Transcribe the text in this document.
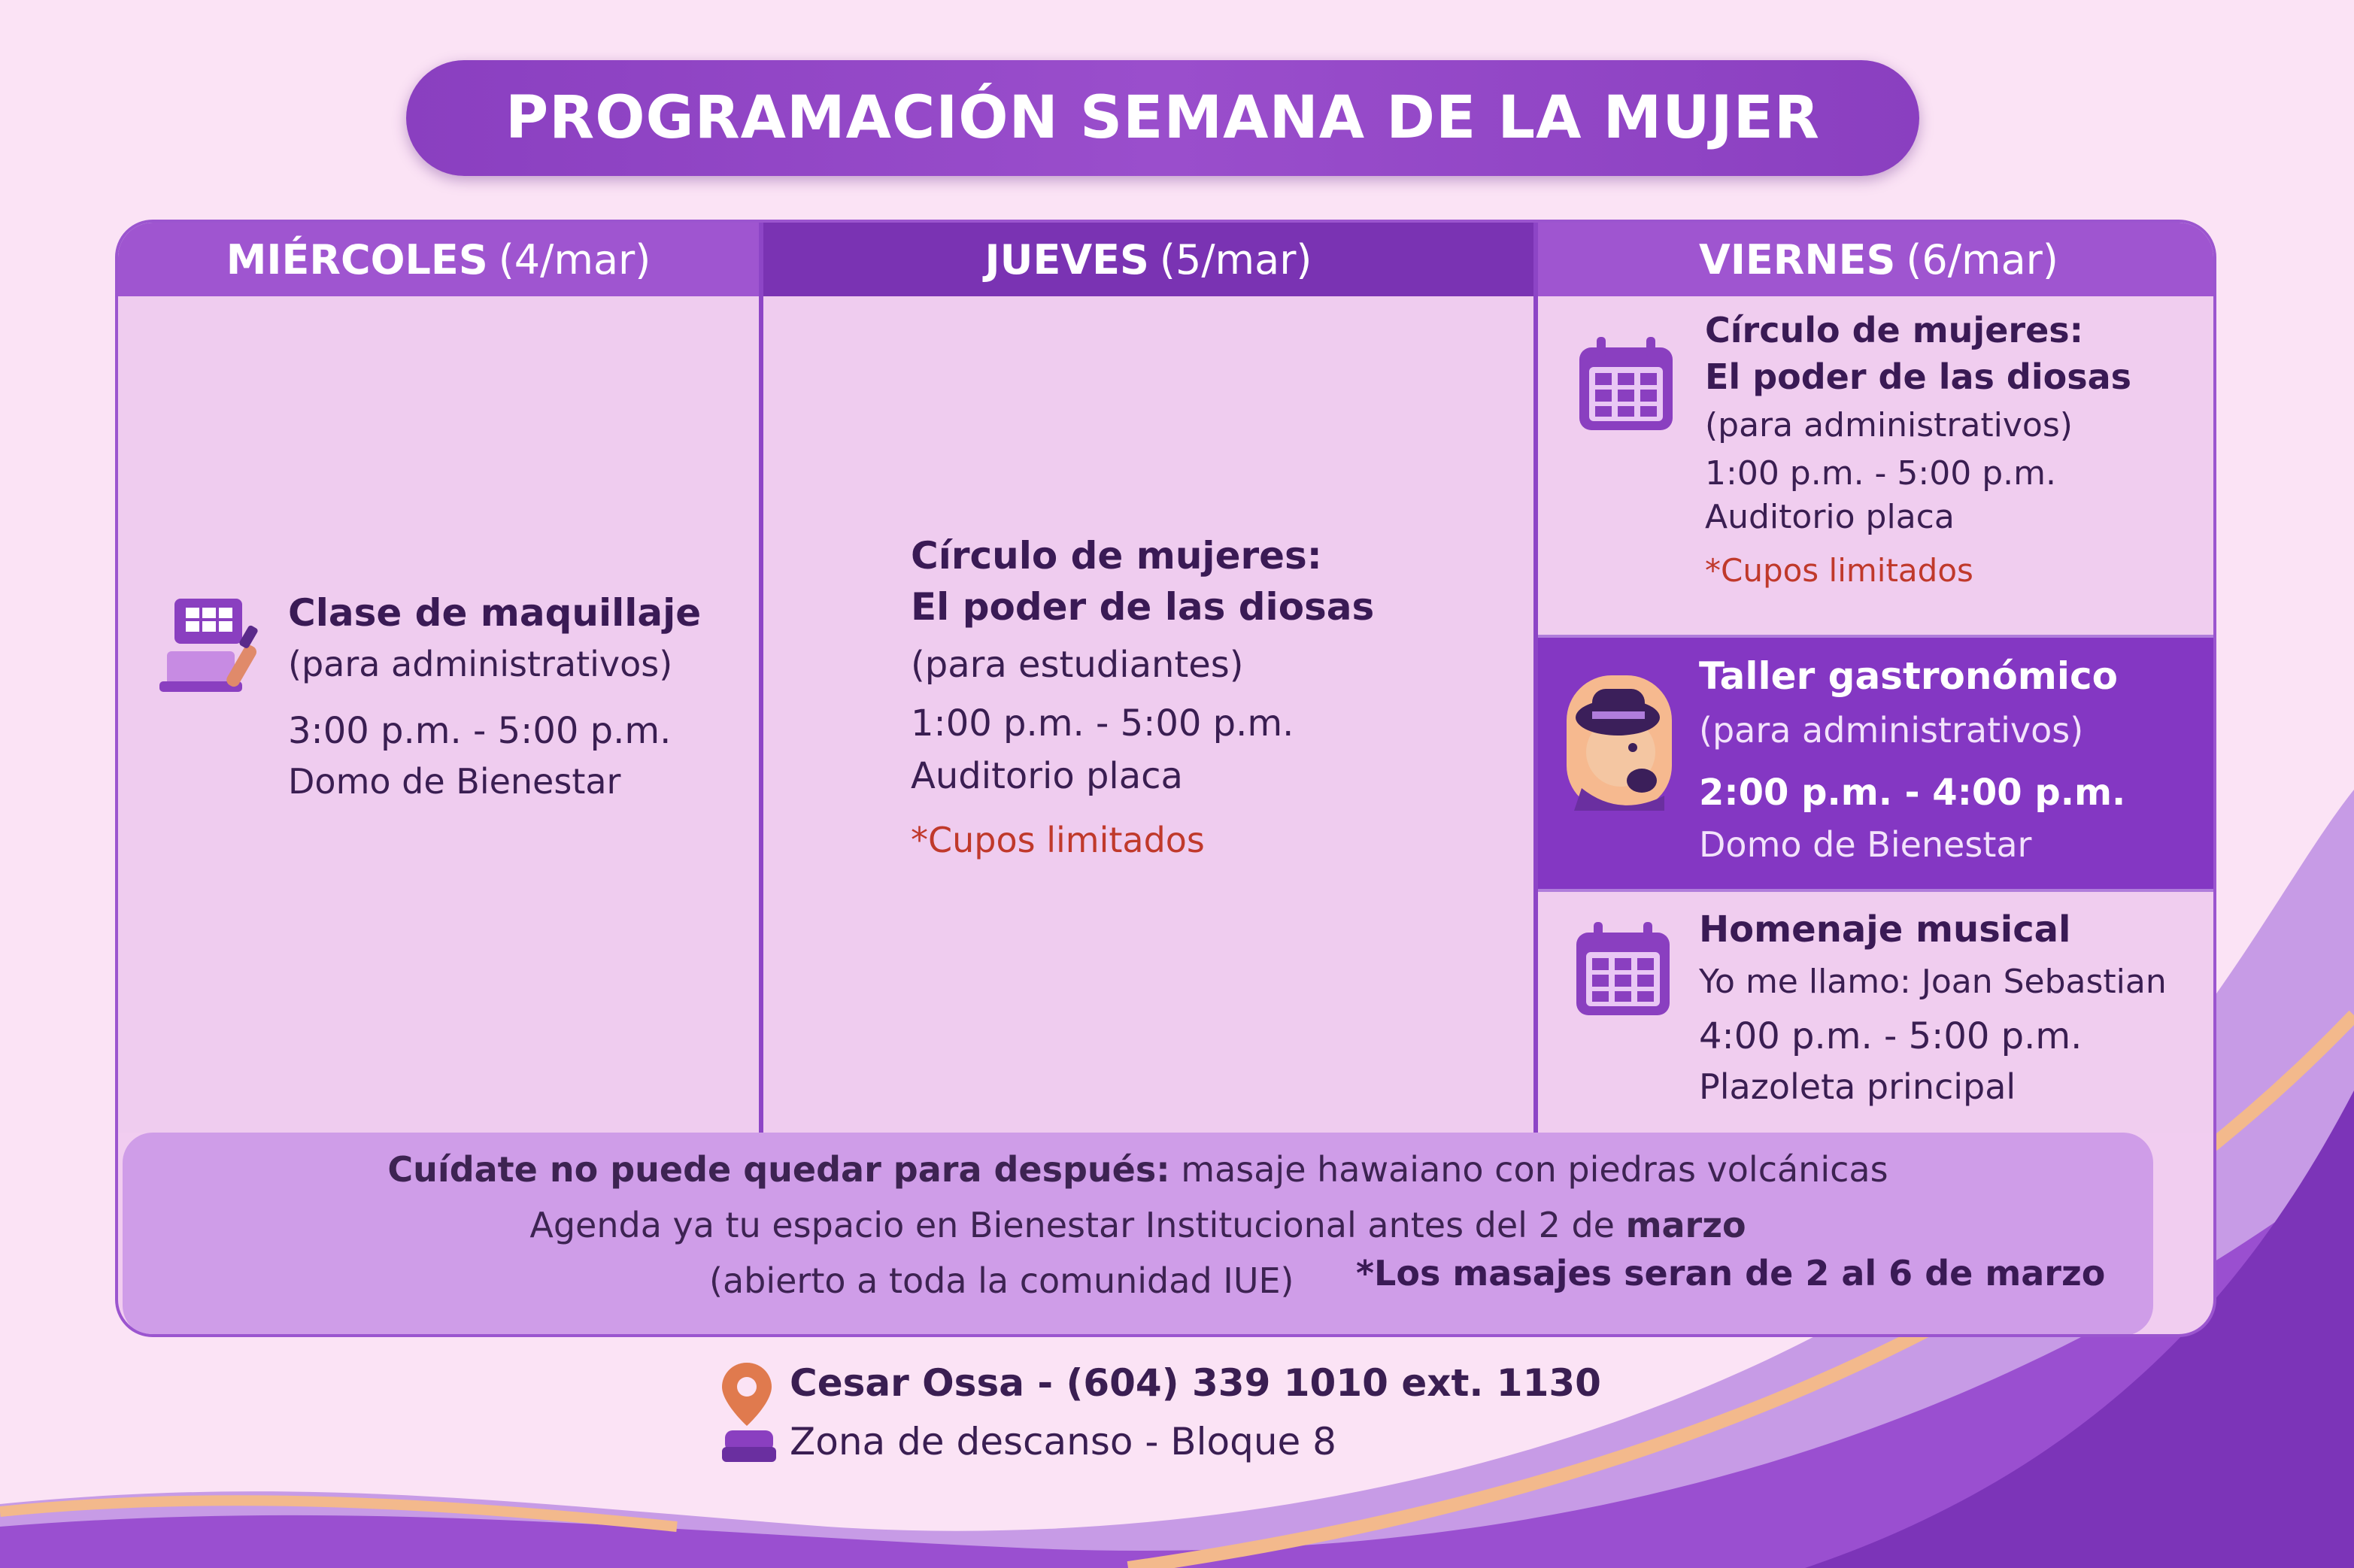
PROGRAMACIÓN SEMANA DE LA MUJER
MIÉRCOLES (4/mar)
Clase de maquillaje
(para administrativos)
3:00 p.m. - 5:00 p.m.
Domo de Bienestar
JUEVES (5/mar)
Círculo de mujeres:
El poder de las diosas
(para estudiantes)
1:00 p.m. - 5:00 p.m.
Auditorio placa
*Cupos limitados
VIERNES (6/mar)
Círculo de mujeres:
El poder de las diosas
(para administrativos)
1:00 p.m. - 5:00 p.m.
Auditorio placa
*Cupos limitados
Taller gastronómico
(para administrativos)
2:00 p.m. - 4:00 p.m.
Domo de Bienestar
Homenaje musical
Yo me llamo: Joan Sebastian
4:00 p.m. - 5:00 p.m.
Plazoleta principal
Cuídate no puede quedar para después: masaje hawaiano con piedras volcánicas
Agenda ya tu espacio en Bienestar Institucional antes del 2 de marzo
(abierto a toda la comunidad IUE) *Los masajes seran de 2 al 6 de marzo
Cesar Ossa - (604) 339 1010 ext. 1130
Zona de descanso - Bloque 8
